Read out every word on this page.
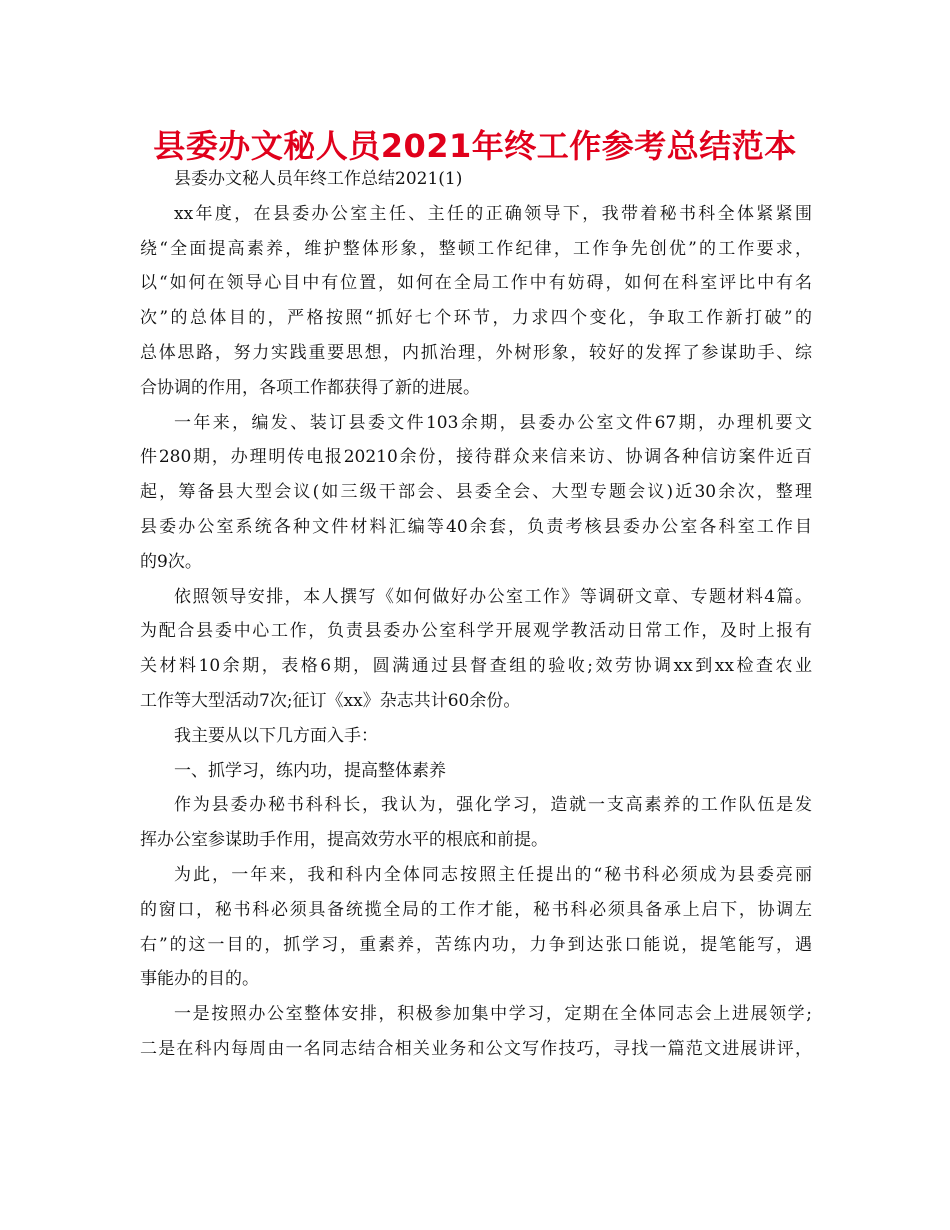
县委办文秘人员2021年终工作参考总结范本
县委办文秘人员年终工作总结2021(1)
xx年度，在县委办公室主任、主任的正确领导下，我带着秘书科全体紧紧围
绕“全面提高素养，维护整体形象，整顿工作纪律，工作争先创优”的工作要求，
以“如何在领导心目中有位置，如何在全局工作中有妨碍，如何在科室评比中有名
次”的总体目的，严格按照“抓好七个环节，力求四个变化，争取工作新打破”的
总体思路，努力实践重要思想，内抓治理，外树形象，较好的发挥了参谋助手、综
合协调的作用，各项工作都获得了新的进展。
一年来，编发、装订县委文件103余期，县委办公室文件67期，办理机要文
件280期，办理明传电报20210余份，接待群众来信来访、协调各种信访案件近百
起，筹备县大型会议(如三级干部会、县委全会、大型专题会议)近30余次，整理
县委办公室系统各种文件材料汇编等40余套，负责考核县委办公室各科室工作目
的9次。
依照领导安排，本人撰写《如何做好办公室工作》等调研文章、专题材料4篇。
为配合县委中心工作，负责县委办公室科学开展观学教活动日常工作，及时上报有
关材料10余期，表格6期，圆满通过县督查组的验收;效劳协调xx到xx检查农业
工作等大型活动7次;征订《xx》杂志共计60余份。
我主要从以下几方面入手：
一、抓学习，练内功，提高整体素养
作为县委办秘书科科长，我认为，强化学习，造就一支高素养的工作队伍是发
挥办公室参谋助手作用，提高效劳水平的根底和前提。
为此，一年来，我和科内全体同志按照主任提出的“秘书科必须成为县委亮丽
的窗口，秘书科必须具备统揽全局的工作才能，秘书科必须具备承上启下，协调左
右”的这一目的，抓学习，重素养，苦练内功，力争到达张口能说，提笔能写，遇
事能办的目的。
一是按照办公室整体安排，积极参加集中学习，定期在全体同志会上进展领学;
二是在科内每周由一名同志结合相关业务和公文写作技巧，寻找一篇范文进展讲评，
